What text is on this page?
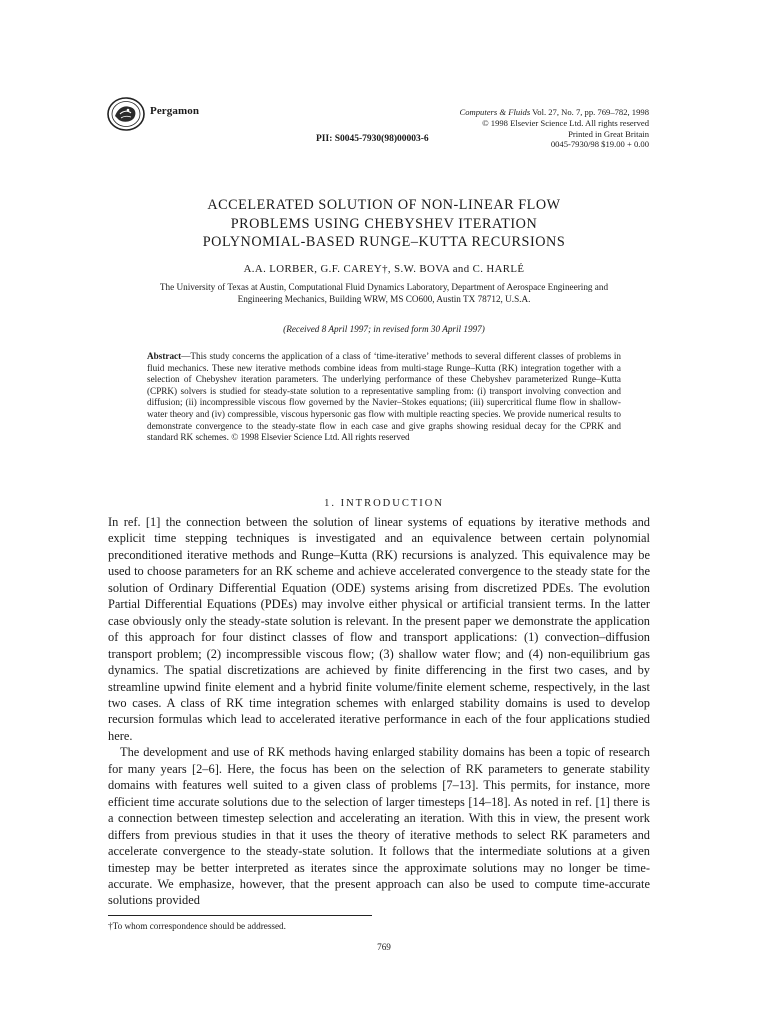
Pergamon	Computers & Fluids Vol. 27, No. 7, pp. 769–782, 1998
© 1998 Elsevier Science Ltd. All rights reserved
Printed in Great Britain
0045-7930/98 $19.00 + 0.00
PII: S0045-7930(98)00003-6
ACCELERATED SOLUTION OF NON-LINEAR FLOW
PROBLEMS USING CHEBYSHEV ITERATION
POLYNOMIAL-BASED RUNGE–KUTTA RECURSIONS
A.A. LORBER, G.F. CAREY†, S.W. BOVA and C. HARLÉ
The University of Texas at Austin, Computational Fluid Dynamics Laboratory, Department of Aerospace Engineering and Engineering Mechanics, Building WRW, MS CO600, Austin TX 78712, U.S.A.
(Received 8 April 1997; in revised form 30 April 1997)
Abstract—This study concerns the application of a class of ‘time-iterative’ methods to several different classes of problems in fluid mechanics. These new iterative methods combine ideas from multi-stage Runge–Kutta (RK) integration together with a selection of Chebyshev iteration parameters. The underlying performance of these Chebyshev parameterized Runge–Kutta (CPRK) solvers is studied for steady-state solution to a representative sampling from: (i) transport involving convection and diffusion; (ii) incompressible viscous flow governed by the Navier–Stokes equations; (iii) supercritical flume flow in shallow-water theory and (iv) compressible, viscous hypersonic gas flow with multiple reacting species. We provide numerical results to demonstrate convergence to the steady-state flow in each case and give graphs showing residual decay for the CPRK and standard RK schemes. © 1998 Elsevier Science Ltd. All rights reserved
1. INTRODUCTION

In ref. [1] the connection between the solution of linear systems of equations by iterative methods and explicit time stepping techniques is investigated and an equivalence between certain polynomial preconditioned iterative methods and Runge–Kutta (RK) recursions is analyzed. This equivalence may be used to choose parameters for an RK scheme and achieve accelerated convergence to the steady state for the solution of Ordinary Differential Equation (ODE) systems arising from discretized PDEs. The evolution Partial Differential Equations (PDEs) may involve either physical or artificial transient terms. In the latter case obviously only the steady-state solution is relevant. In the present paper we demonstrate the application of this approach for four distinct classes of flow and transport applications: (1) convection–diffusion transport problem; (2) incompressible viscous flow; (3) shallow water flow; and (4) non-equilibrium gas dynamics. The spatial discretizations are achieved by finite differencing in the first two cases, and by streamline upwind finite element and a hybrid finite volume/finite element scheme, respectively, in the last two cases. A class of RK time integration schemes with enlarged stability domains is used to develop recursion formulas which lead to accelerated iterative performance in each of the four applications studied here.

The development and use of RK methods having enlarged stability domains has been a topic of research for many years [2–6]. Here, the focus has been on the selection of RK parameters to generate stability domains with features well suited to a given class of problems [7–13]. This permits, for instance, more efficient time accurate solutions due to the selection of larger timesteps [14–18]. As noted in ref. [1] there is a connection between timestep selection and accelerating an iteration. With this in view, the present work differs from previous studies in that it uses the theory of iterative methods to select RK parameters and accelerate convergence to the steady-state solution. It follows that the intermediate solutions at a given timestep may be better interpreted as iterates since the approximate solutions may no longer be time-accurate. We emphasize, however, that the present approach can also be used to compute time-accurate solutions provided

†To whom correspondence should be addressed.
769
